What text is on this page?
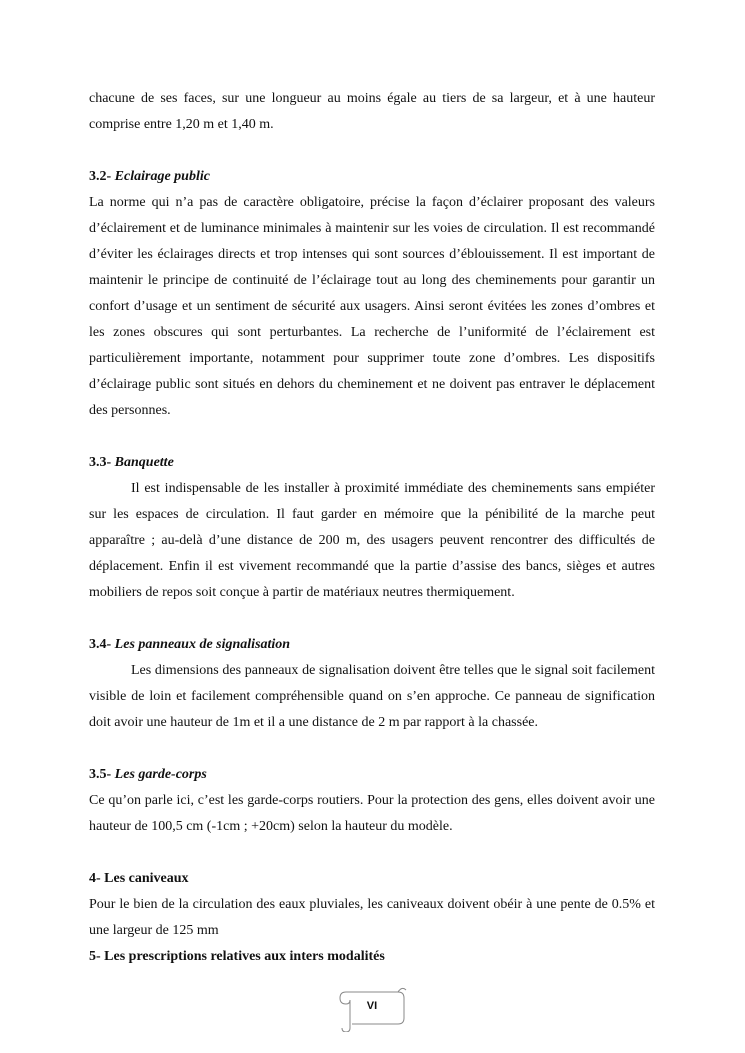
chacune de ses faces, sur une longueur au moins égale au tiers de sa largeur, et à une hauteur comprise entre 1,20 m et 1,40 m.

3.2- Eclairage public

La norme qui n’a pas de caractère obligatoire, précise la façon d’éclairer proposant des valeurs d’éclairement et de luminance minimales à maintenir sur les voies de circulation. Il est recommandé d’éviter les éclairages directs et trop intenses qui sont sources d’éblouissement. Il est important de maintenir le principe de continuité de l’éclairage tout au long des cheminements pour garantir un confort d’usage et un sentiment de sécurité aux usagers. Ainsi seront évitées les zones d’ombres et les zones obscures qui sont perturbantes. La recherche de l’uniformité de l’éclairement est particulièrement importante, notamment pour supprimer toute zone d’ombres. Les dispositifs d’éclairage public sont situés en dehors du cheminement et ne doivent pas entraver le déplacement des personnes.

3.3- Banquette

Il est indispensable de les installer à proximité immédiate des cheminements sans empiéter sur les espaces de circulation. Il faut garder en mémoire que la pénibilité de la marche peut apparaître ; au-delà d’une distance de 200 m, des usagers peuvent rencontrer des difficultés de déplacement. Enfin il est vivement recommandé que la partie d’assise des bancs, sièges et autres mobiliers de repos soit conçue à partir de matériaux neutres thermiquement.

3.4- Les panneaux de signalisation

Les dimensions des panneaux de signalisation doivent être telles que le signal soit facilement visible de loin et facilement compréhensible quand on s’en approche. Ce panneau de signification doit avoir une hauteur de 1m et il a une distance de 2 m par rapport à la chassée.

3.5- Les garde-corps

Ce qu’on parle ici, c’est les garde-corps routiers. Pour la protection des gens, elles doivent avoir une hauteur de 100,5 cm (-1cm ; +20cm) selon la hauteur du modèle.

4- Les caniveaux

Pour le bien de la circulation des eaux pluviales, les caniveaux doivent obéir à une pente de 0.5% et une largeur de 125 mm

5- Les prescriptions relatives aux inters modalités
VI
